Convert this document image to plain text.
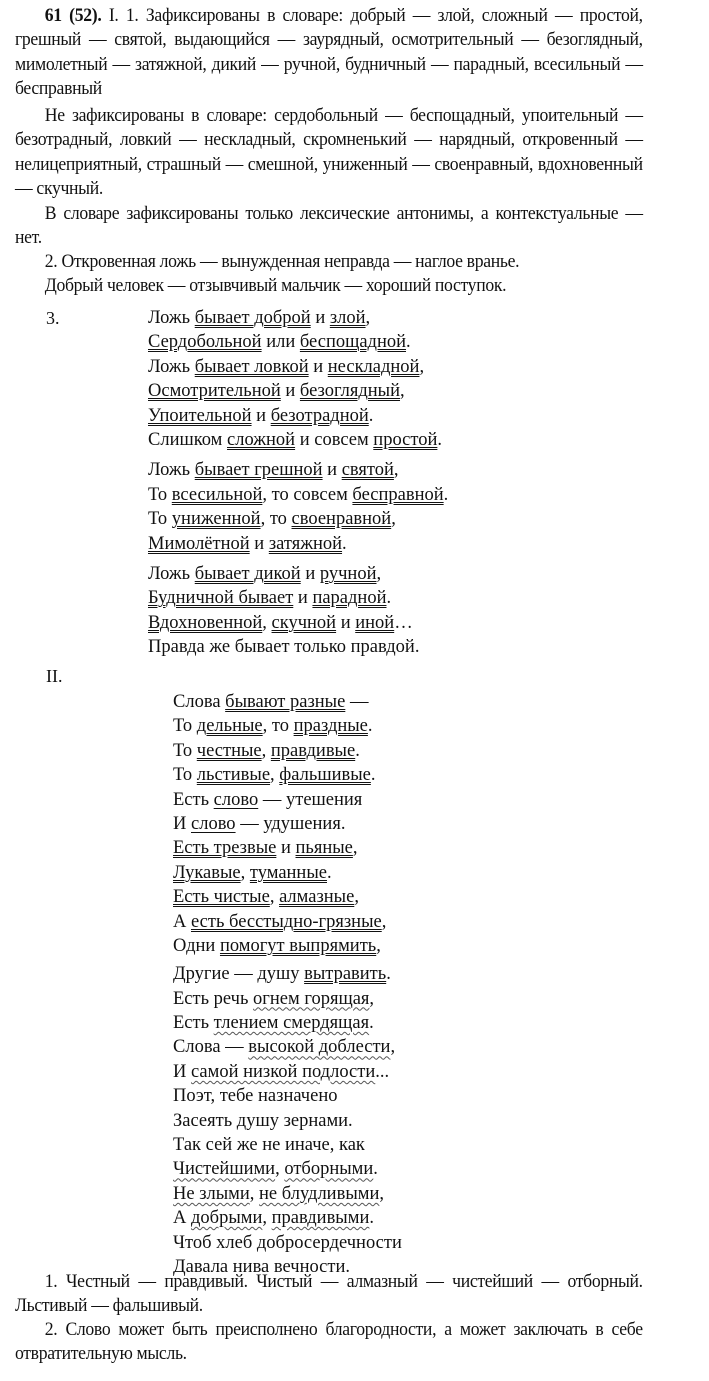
61 (52). I. 1. Зафиксированы в словаре: добрый — злой, сложный — простой, грешный — святой, выдающийся — заурядный, осмотрительный — безоглядный, мимолетный — затяжной, дикий — ручной, будничный — парадный, всесильный — бесправный
Не зафиксированы в словаре: сердобольный — беспощадный, упоительный — безотрадный, ловкий — нескладный, скромненький — нарядный, откровенный — нелицеприятный, страшный — смешной, униженный — своенравный, вдохновенный — скучный.
В словаре зафиксированы только лексические антонимы, а контекстуальные — нет.
2. Откровенная ложь — вынужденная неправда — наглое вранье.
Добрый человек — отзывчивый мальчик — хороший поступок.
3.	Ложь бывает доброй и злой,
Сердобольной или беспощадной.
Ложь бывает ловкой и нескладной,
Осмотрительной и безоглядный,
Упоительной и безотрадной.
Слишком сложной и совсем простой.
Ложь бывает грешной и святой,
То всесильной, то совсем бесправной.
То униженной, то своенравной,
Мимолётной и затяжной.
Ложь бывает дикой и ручной,
Будничной бывает и парадной.
Вдохновенной, скучной и иной…
Правда же бывает только правдой.
II.
Слова бывают разные —
То дельные, то праздные.
То честные, правдивые.
То льстивые, фальшивые.
Есть слово — утешения
И слово — удушения.
Есть трезвые и пьяные,
Лукавые, туманные.
Есть чистые, алмазные,
А есть бесстыдно-грязные,
Одни помогут выпрямить,
Другие — душу вытравить.
Есть речь огнем горящая,
Есть тлением смердящая.
Слова — высокой доблести,
И самой низкой подлости...
Поэт, тебе назначено
Засеять душу зернами.
Так сей же не иначе, как
Чистейшими, отборными.
Не злыми, не блудливыми,
А добрыми, правдивыми.
Чтоб хлеб добросердечности
Давала нива вечности.
1. Честный — правдивый. Чистый — алмазный — чистейший — отборный. Льстивый — фальшивый.
2. Слово может быть преисполнено благородности, а может заключать в себе отвратительную мысль.
